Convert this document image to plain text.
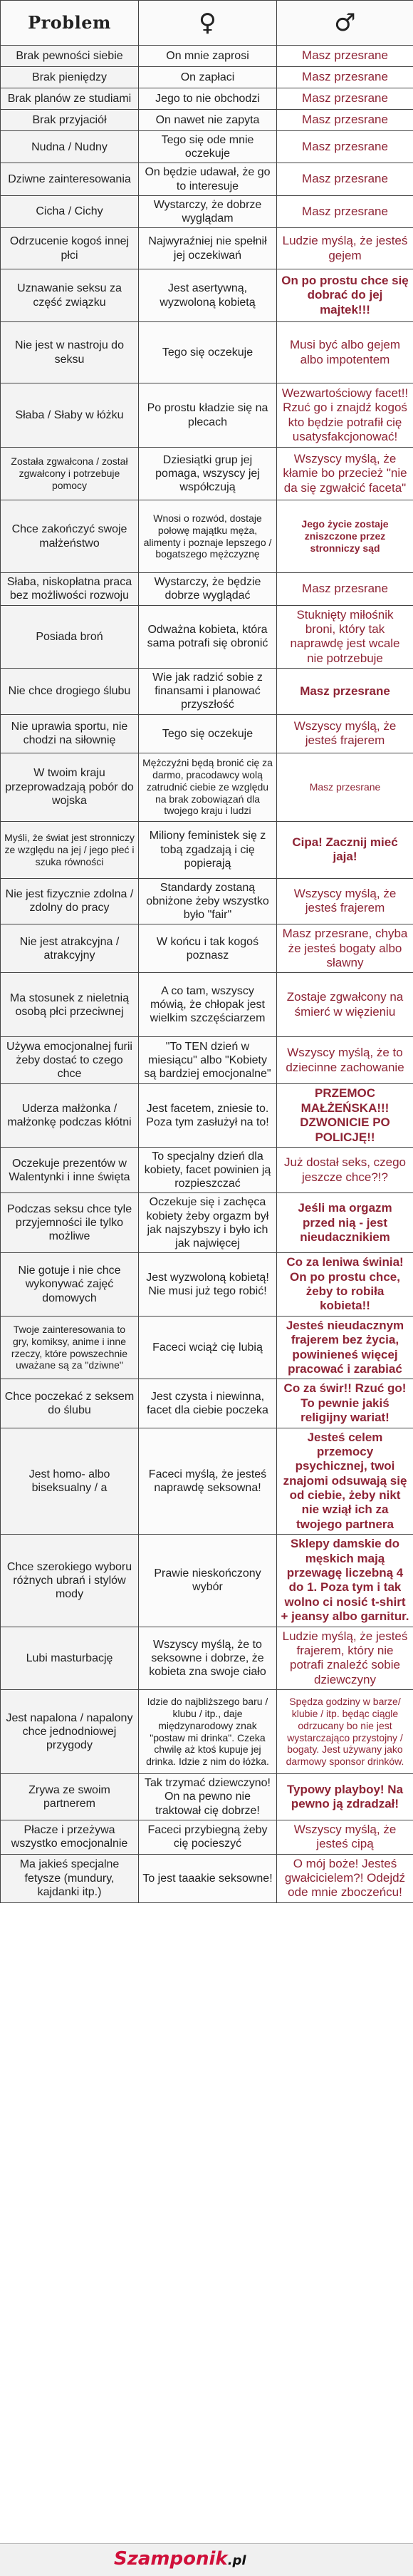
Problem	♀	♂
Brak pewności siebie	On mnie zaprosi	Masz przesrane
Brak pieniędzy	On zapłaci	Masz przesrane
Brak planów ze studiami	Jego to nie obchodzi	Masz przesrane
Brak przyjaciół	On nawet nie zapyta	Masz przesrane
Nudna / Nudny	Tego się ode mnie oczekuje	Masz przesrane
Dziwne zainteresowania	On będzie udawał, że go to interesuje	Masz przesrane
Cicha / Cichy	Wystarczy, że dobrze wyglądam	Masz przesrane
Odrzucenie kogoś innej płci	Najwyraźniej nie spełnił jej oczekiwań	Ludzie myślą, że jesteś gejem
Uznawanie seksu za część związku	Jest asertywną, wyzwoloną kobietą	On po prostu chce się dobrać do jej majtek!!!
Nie jest w nastroju do seksu	Tego się oczekuje	Musi być albo gejem albo impotentem
Słaba / Słaby w łóżku	Po prostu kładzie się na plecach	Wezwartościowy facet!! Rzuć go i znajdź kogoś kto będzie potrafił cię usatysfakcjonować!
Została zgwałcona / został zgwałcony i potrzebuje pomocy	Dziesiątki grup jej pomaga, wszyscy jej współczują	Wszyscy myślą, że kłamie bo przecież "nie da się zgwałcić faceta"
Chce zakończyć swoje małżeństwo	Wnosi o rozwód, dostaje połowę majątku męża, alimenty i poznaje lepszego / bogatszego mężczyznę	Jego życie zostaje zniszczone przez stronniczy sąd
Słaba, niskopłatna praca bez możliwości rozwoju	Wystarczy, że będzie dobrze wyglądać	Masz przesrane
Posiada broń	Odważna kobieta, która sama potrafi się obronić	Stuknięty miłośnik broni, który tak naprawdę jest wcale nie potrzebuje
Nie chce drogiego ślubu	Wie jak radzić sobie z finansami i planować przyszłość	Masz przesrane
Nie uprawia sportu, nie chodzi na siłownię	Tego się oczekuje	Wszyscy myślą, że jesteś frajerem
W twoim kraju przeprowadzają pobór do wojska	Mężczyźni będą bronić cię za darmo, pracodawcy wolą zatrudnić ciebie ze względu na brak zobowiązań dla twojego kraju i ludzi	Masz przesrane
Myśli, że świat jest stronniczy ze względu na jej / jego płeć i szuka równości	Miliony feministek się z tobą zgadzają i cię popierają	Cipa! Zacznij mieć jaja!
Nie jest fizycznie zdolna / zdolny do pracy	Standardy zostaną obniżone żeby wszystko było "fair"	Wszyscy myślą, że jesteś frajerem
Nie jest atrakcyjna / atrakcyjny	W końcu i tak kogoś poznasz	Masz przesrane, chyba że jesteś bogaty albo sławny
Ma stosunek z nieletnią osobą płci przeciwnej	A co tam, wszyscy mówią, że chłopak jest wielkim szczęściarzem	Zostaje zgwałcony na śmierć w więzieniu
Używa emocjonalnej furii żeby dostać to czego chce	"To TEN dzień w miesiącu" albo "Kobiety są bardziej emocjonalne"	Wszyscy myślą, że to dziecinne zachowanie
Uderza małżonka / małżonkę podczas kłótni	Jest facetem, zniesie to. Poza tym zasłużył na to!	PRZEMOC MAŁŻEŃSKA!!! DZWONICIE PO POLICJĘ!!
Oczekuje prezentów w Walentynki i inne święta	To specjalny dzień dla kobiety, facet powinien ją rozpieszczać	Już dostał seks, czego jeszcze chce?!?
Podczas seksu chce tyle przyjemności ile tylko możliwe	Oczekuje się i zachęca kobiety żeby orgazm był jak najszybszy i było ich jak najwięcej	Jeśli ma orgazm przed nią - jest nieudacznikiem
Nie gotuje i nie chce wykonywać zajęć domowych	Jest wyzwoloną kobietą! Nie musi już tego robić!	Co za leniwa świnia! On po prostu chce, żeby to robiła kobieta!!
Twoje zainteresowania to gry, komiksy, anime i inne rzeczy, które powszechnie uważane są za "dziwne"	Faceci wciąż cię lubią	Jesteś nieudacznym frajerem bez życia, powinieneś więcej pracować i zarabiać
Chce poczekać z seksem do ślubu	Jest czysta i niewinna, facet dla ciebie poczeka	Co za świr!! Rzuć go! To pewnie jakiś religijny wariat!
Jest homo- albo biseksualny / a	Faceci myślą, że jesteś naprawdę seksowna!	Jesteś celem przemocy psychicznej, twoi znajomi odsuwają się od ciebie, żeby nikt nie wziął ich za twojego partnera
Chce szerokiego wyboru różnych ubrań i stylów mody	Prawie nieskończony wybór	Sklepy damskie do męskich mają przewagę liczebną 4 do 1. Poza tym i tak wolno ci nosić t-shirt + jeansy albo garnitur.
Lubi masturbację	Wszyscy myślą, że to seksowne i dobrze, że kobieta zna swoje ciało	Ludzie myślą, że jesteś frajerem, który nie potrafi znaleźć sobie dziewczyny
Jest napalona / napalony chce jednodniowej przygody	Idzie do najbliższego baru / klubu / itp., daje międzynarodowy znak "postaw mi drinka". Czeka chwilę aż ktoś kupuje jej drinka. Idzie z nim do łóżka.	Spędza godziny w barze/ klubie / itp. będąc ciągle odrzucany bo nie jest wystarczająco przystojny / bogaty. Jest używany jako darmowy sponsor drinków.
Zrywa ze swoim partnerem	Tak trzymać dziewczyno! On na pewno nie traktował cię dobrze!	Typowy playboy! Na pewno ją zdradzał!
Płacze i przeżywa wszystko emocjonalnie	Faceci przybiegną żeby cię pocieszyć	Wszyscy myślą, że jesteś cipą
Ma jakieś specjalne fetysze (mundury, kajdanki itp.)	To jest taaakie seksowne!	O mój boże! Jesteś gwałcicielem?! Odejdź ode mnie zboczeńcu!
Szamponik.pl
